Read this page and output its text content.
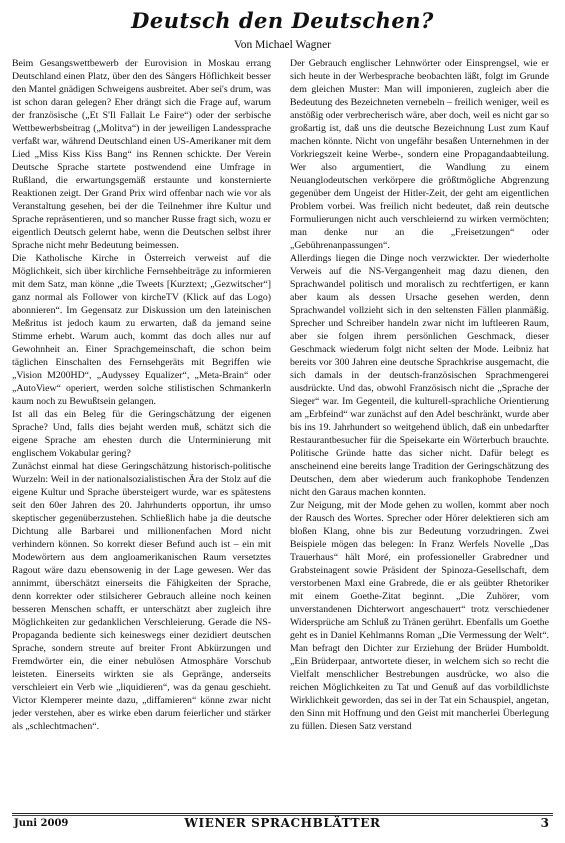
Deutsch den Deutschen?
Von Michael Wagner

Beim Gesangswettbewerb der Eurovision in Moskau errang Deutschland einen Platz, über den des Sängers Höflichkeit besser den Mantel gnädigen Schweigens ausbreitet. Aber sei's drum, was ist schon daran gelegen? Eher drängt sich die Frage auf, warum der französische („Et S'Il Fallait Le Faire“) oder der serbische Wettbewerbsbeitrag („Molitva“) in der jeweiligen Landessprache verfaßt war, während Deutschland einen US-Amerikaner mit dem Lied „Miss Kiss Kiss Bang“ ins Rennen schickte. Der Verein Deutsche Sprache startete postwendend eine Umfrage in Rußland, die erwartungsgemäß erstaunte und konsternierte Reaktionen zeigt. Der Grand Prix wird offenbar nach wie vor als Veranstaltung gesehen, bei der die Teilnehmer ihre Kultur und Sprache repräsentieren, und so mancher Russe fragt sich, wozu er eigentlich Deutsch gelernt habe, wenn die Deutschen selbst ihrer Sprache nicht mehr Bedeutung beimessen.

Die Katholische Kirche in Österreich verweist auf die Möglichkeit, sich über kirchliche Fernsehbeiträge zu informieren mit dem Satz, man könne „die Tweets [Kurztext; „Gezwitscher“] ganz normal als Follower von kircheTV (Klick auf das Logo) abonnieren“. Im Gegensatz zur Diskussion um den lateinischen Meßritus ist jedoch kaum zu erwarten, daß da jemand seine Stimme erhebt. Warum auch, kommt das doch alles nur auf Gewohnheit an. Einer Sprachgemeinschaft, die schon beim täglichen Einschalten des Fernsehgeräts mit Begriffen wie „Vision M200HD“, „Audyssey Equalizer“, „Meta-Brain“ oder „AutoView“ operiert, werden solche stilistischen Schmankerln kaum noch zu Bewußtsein gelangen.

Ist all das ein Beleg für die Geringschätzung der eigenen Sprache? Und, falls dies bejaht werden muß, schätzt sich die eigene Sprache am ehesten durch die Unterminierung mit englischem Vokabular gering?

Zunächst einmal hat diese Geringschätzung historisch-politische Wurzeln: Weil in der nationalsozialistischen Ära der Stolz auf die eigene Kultur und Sprache übersteigert wurde, war es spätestens seit den 60er Jahren des 20. Jahrhunderts opportun, ihr umso skeptischer gegenüberzustehen. Schließlich habe ja die deutsche Dichtung alle Barbarei und millionenfachen Mord nicht verhindern können. So korrekt dieser Befund auch ist – ein mit Modewörtern aus dem angloamerikanischen Raum versetztes Ragout wäre dazu ebensowenig in der Lage gewesen. Wer das annimmt, überschätzt einerseits die Fähigkeiten der Sprache, denn korrekter oder stilsicherer Gebrauch alleine noch keinen besseren Menschen schafft, er unterschätzt aber zugleich ihre Möglichkeiten zur gedanklichen Verschleierung. Gerade die NS-Propaganda bediente sich keineswegs einer dezidiert deutschen Sprache, sondern streute auf breiter Front Abkürzungen und Fremdwörter ein, die einer nebulösen Atmosphäre Vorschub leisteten. Einerseits wirkten sie als Gepränge, anderseits verschleiert ein Verb wie „liquidieren“, was da genau geschieht. Victor Klemperer meinte dazu, „diffamieren“ könne zwar nicht jeder verstehen, aber es wirke eben darum feierlicher und stärker als „schlechtmachen“.

Der Gebrauch englischer Lehnwörter oder Einsprengsel, wie er sich heute in der Werbesprache beobachten läßt, folgt im Grunde dem gleichen Muster: Man will imponieren, zugleich aber die Bedeutung des Bezeichneten vernebeln – freilich weniger, weil es anstößig oder verbrecherisch wäre, aber doch, weil es nicht gar so großartig ist, daß uns die deutsche Bezeichnung Lust zum Kauf machen könnte. Nicht von ungefähr besaßen Unternehmen in der Vorkriegszeit keine Werbe-, sondern eine Propagandaabteilung. Wer also argumentiert, die Wandlung zu einem Neuanglodeutschen verkörpere die größtmögliche Abgrenzung gegenüber dem Ungeist der Hitler-Zeit, der geht am eigentlichen Problem vorbei. Was freilich nicht bedeutet, daß rein deutsche Formulierungen nicht auch verschleiernd zu wirken vermöchten; man denke nur an die „Freisetzungen“ oder „Gebührenanpassungen“.

Allerdings liegen die Dinge noch verzwickter. Der wiederholte Verweis auf die NS-Vergangenheit mag dazu dienen, den Sprachwandel politisch und moralisch zu rechtfertigen, er kann aber kaum als dessen Ursache gesehen werden, denn Sprachwandel vollzieht sich in den seltensten Fällen planmäßig. Sprecher und Schreiber handeln zwar nicht im luftleeren Raum, aber sie folgen ihrem persönlichen Geschmack, dieser Geschmack wiederum folgt nicht selten der Mode. Leibniz hat bereits vor 300 Jahren eine deutsche Sprachkrise ausgemacht, die sich damals in der deutsch-französischen Sprachmengerei ausdrückte. Und das, obwohl Französisch nicht die „Sprache der Sieger“ war. Im Gegenteil, die kulturell-sprachliche Orientierung am „Erbfeind“ war zunächst auf den Adel beschränkt, wurde aber bis ins 19. Jahrhundert so weitgehend üblich, daß ein unbedarfter Restaurantbesucher für die Speisekarte ein Wörterbuch brauchte. Politische Gründe hatte das sicher nicht. Dafür belegt es anscheinend eine bereits lange Tradition der Geringschätzung des Deutschen, dem aber wiederum auch frankophobe Tendenzen nicht den Garaus machen konnten.

Zur Neigung, mit der Mode gehen zu wollen, kommt aber noch der Rausch des Wortes. Sprecher oder Hörer delektieren sich am bloßen Klang, ohne bis zur Bedeutung vorzudringen. Zwei Beispiele mögen das belegen: In Franz Werfels Novelle „Das Trauerhaus“ hält Moré, ein professioneller Grabredner und Grabsteinagent sowie Präsident der Spinoza-Gesellschaft, dem verstorbenen Maxl eine Grabrede, die er als geübter Rhetoriker mit einem Goethe-Zitat beginnt. „Die Zuhörer, vom unverstandenen Dichterwort angeschauert“ trotz verschiedener Widersprüche am Schluß zu Tränen gerührt. Ebenfalls um Goethe geht es in Daniel Kehlmanns Roman „Die Vermessung der Welt“. Man befragt den Dichter zur Erziehung der Brüder Humboldt. „Ein Brüderpaar, antwortete dieser, in welchem sich so recht die Vielfalt menschlicher Bestrebungen ausdrücke, wo also die reichen Möglichkeiten zu Tat und Genuß auf das vorbildlichste Wirklichkeit geworden, das sei in der Tat ein Schauspiel, angetan, den Sinn mit Hoffnung und den Geist mit mancherlei Überlegung zu füllen. Diesen Satz verstand

Juni 2009	WIENER SPRACHBLÄTTER	3
